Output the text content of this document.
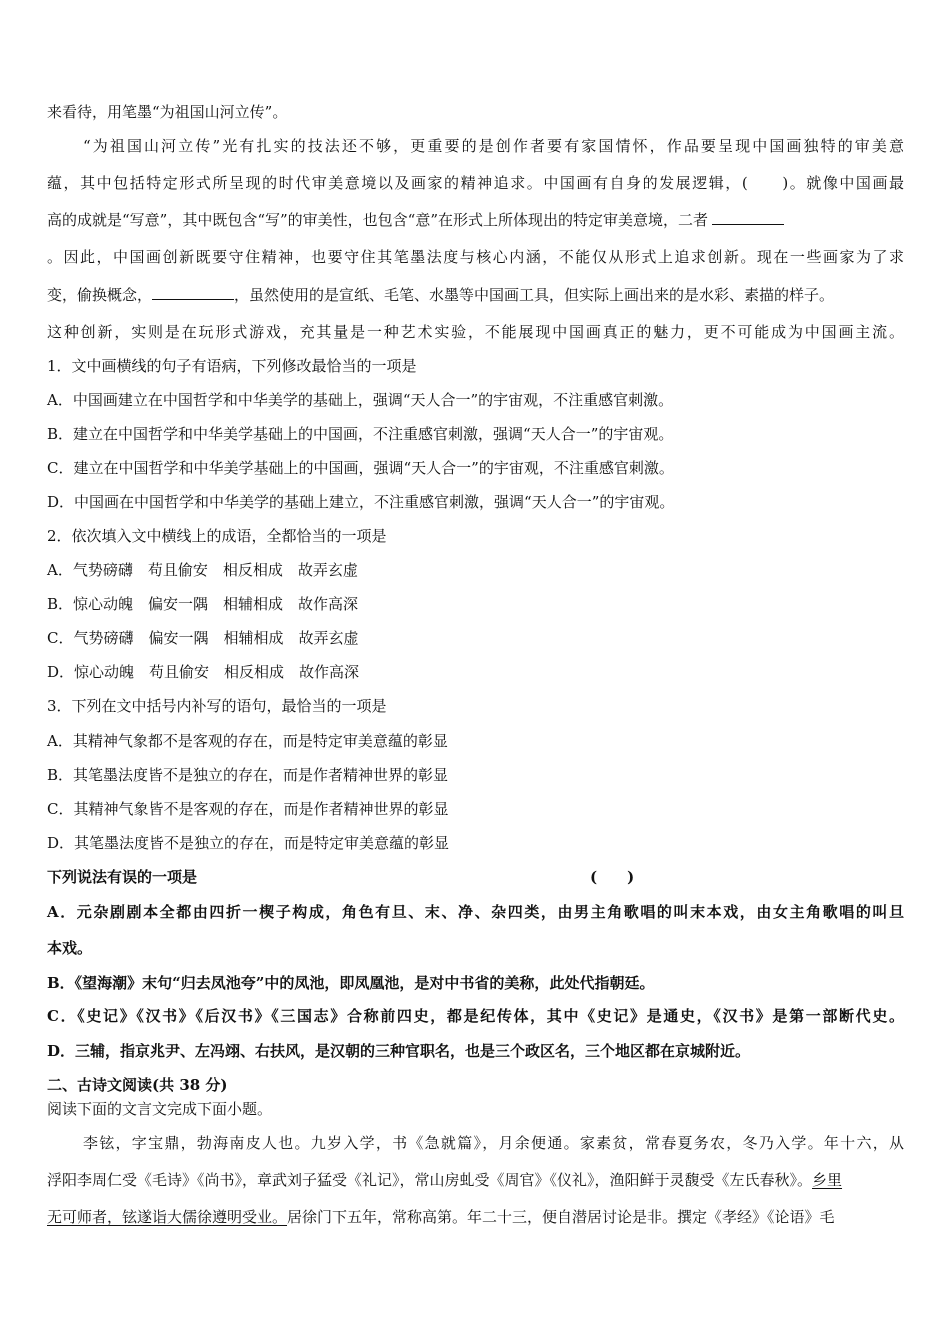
来看待，用笔墨“为祖国山河立传”。
“为祖国山河立传”光有扎实的技法还不够，更重要的是创作者要有家国情怀，作品要呈现中国画独特的审美意
蕴，其中包括特定形式所呈现的时代审美意境以及画家的精神追求。中国画有自身的发展逻辑，(　　)。就像中国画最
高的成就是“写意”，其中既包含“写”的审美性，也包含“意”在形式上所体现出的特定审美意境，二者
。因此，中国画创新既要守住精神，也要守住其笔墨法度与核心内涵，不能仅从形式上追求创新。现在一些画家为了求
变，偷换概念，	，虽然使用的是宣纸、毛笔、水墨等中国画工具，但实际上画出来的是水彩、素描的样子。
这种创新，实则是在玩形式游戏，充其量是一种艺术实验，不能展现中国画真正的魅力，更不可能成为中国画主流。
1．文中画横线的句子有语病，下列修改最恰当的一项是
A．中国画建立在中国哲学和中华美学的基础上，强调“天人合一”的宇宙观，不注重感官刺激。
B．建立在中国哲学和中华美学基础上的中国画，不注重感官刺激，强调“天人合一”的宇宙观。
C．建立在中国哲学和中华美学基础上的中国画，强调“天人合一”的宇宙观，不注重感官刺激。
D．中国画在中国哲学和中华美学的基础上建立，不注重感官刺激，强调“天人合一”的宇宙观。
2．依次填入文中横线上的成语，全都恰当的一项是
A．气势磅礴　苟且偷安　相反相成　故弄玄虚
B．惊心动魄　偏安一隅　相辅相成　故作高深
C．气势磅礴　偏安一隅　相辅相成　故弄玄虚
D．惊心动魄　苟且偷安　相反相成　故作高深
3．下列在文中括号内补写的语句，最恰当的一项是
A．其精神气象都不是客观的存在，而是特定审美意蕴的彰显
B．其笔墨法度皆不是独立的存在，而是作者精神世界的彰显
C．其精神气象皆不是客观的存在，而是作者精神世界的彰显
D．其笔墨法度皆不是独立的存在，而是特定审美意蕴的彰显
下列说法有误的一项是	(　　)
A．元杂剧剧本全都由四折一楔子构成，角色有旦、末、净、杂四类，由男主角歌唱的叫末本戏，由女主角歌唱的叫旦
本戏。
B．《望海潮》末句“归去凤池夸”中的凤池，即凤凰池，是对中书省的美称，此处代指朝廷。
C．《史记》《汉书》《后汉书》《三国志》合称前四史，都是纪传体，其中《史记》是通史，《汉书》是第一部断代史。
D．三辅，指京兆尹、左冯翊、右扶风，是汉朝的三种官职名，也是三个政区名，三个地区都在京城附近。
二、古诗文阅读(共 38 分)
阅读下面的文言文完成下面小题。
李铉，字宝鼎，勃海南皮人也。九岁入学，书《急就篇》，月余便通。家素贫，常春夏务农，冬乃入学。年十六，从
浮阳李周仁受《毛诗》《尚书》，章武刘子猛受《礼记》，常山房虬受《周官》《仪礼》，渔阳鲜于灵馥受《左氏春秋》。乡里
无可师者，铉遂诣大儒徐遵明受业。居徐门下五年，常称高第。年二十三，便自潜居讨论是非。撰定《孝经》《论语》毛
